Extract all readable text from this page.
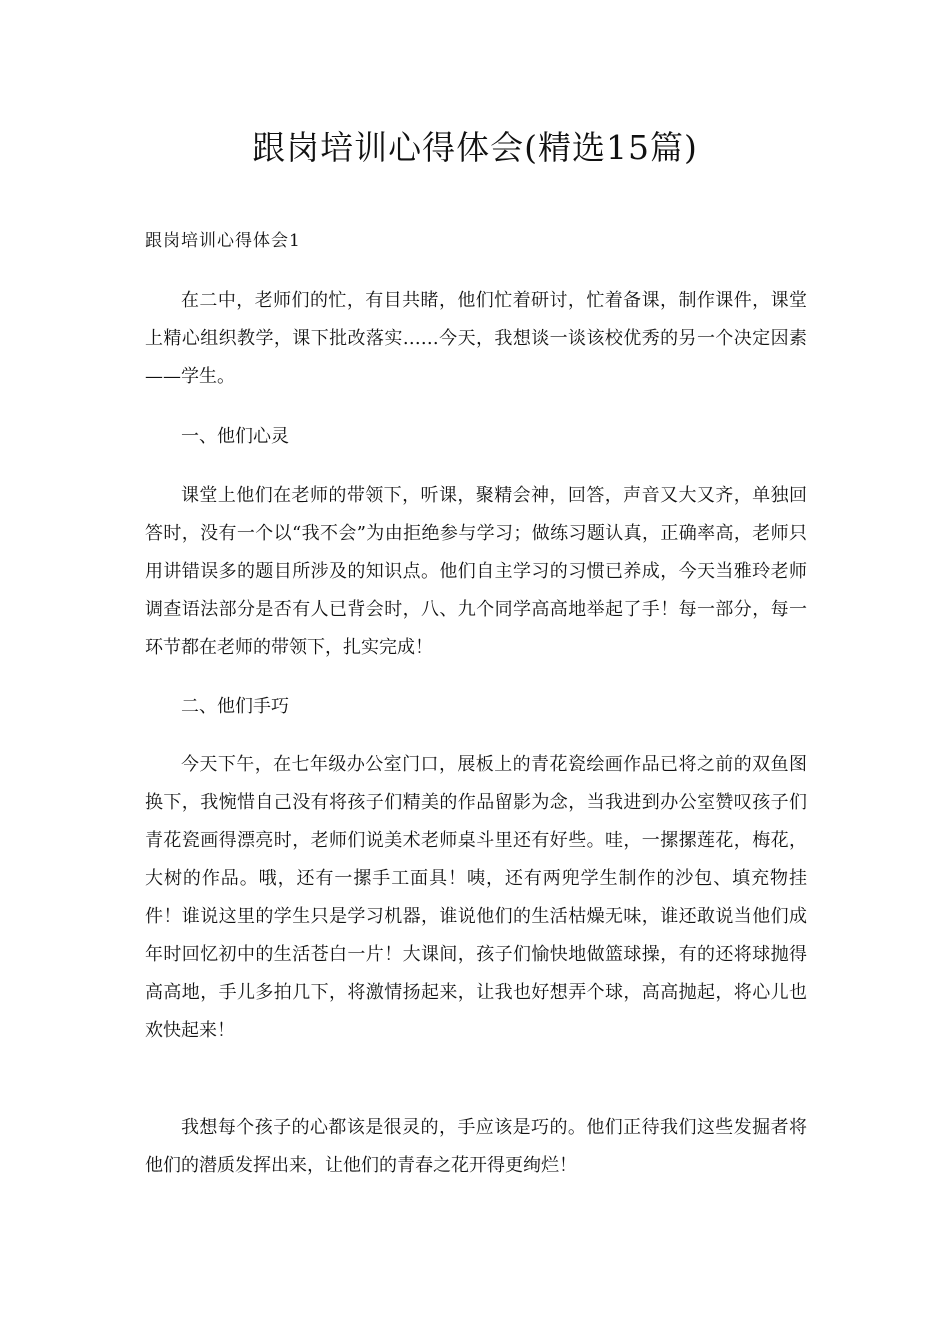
跟岗培训心得体会(精选15篇)

跟岗培训心得体会1

在二中，老师们的忙，有目共睹，他们忙着研讨，忙着备课，制作课件，课堂上精心组织教学，课下批改落实……今天，我想谈一谈该校优秀的另一个决定因素——学生。

一、他们心灵

课堂上他们在老师的带领下，听课，聚精会神，回答，声音又大又齐，单独回答时，没有一个以“我不会”为由拒绝参与学习；做练习题认真，正确率高，老师只用讲错误多的题目所涉及的知识点。他们自主学习的习惯已养成，今天当雅玲老师调查语法部分是否有人已背会时，八、九个同学高高地举起了手！每一部分，每一环节都在老师的带领下，扎实完成！

二、他们手巧

今天下午，在七年级办公室门口，展板上的青花瓷绘画作品已将之前的双鱼图换下，我惋惜自己没有将孩子们精美的作品留影为念，当我进到办公室赞叹孩子们青花瓷画得漂亮时，老师们说美术老师桌斗里还有好些。哇，一摞摞莲花，梅花，大树的作品。哦，还有一摞手工面具！咦，还有两兜学生制作的沙包、填充物挂件！谁说这里的学生只是学习机器，谁说他们的生活枯燥无味，谁还敢说当他们成年时回忆初中的生活苍白一片！大课间，孩子们愉快地做篮球操，有的还将球抛得高高地，手儿多拍几下，将激情扬起来，让我也好想弄个球，高高抛起，将心儿也欢快起来！

我想每个孩子的心都该是很灵的，手应该是巧的。他们正待我们这些发掘者将他们的潜质发挥出来，让他们的青春之花开得更绚烂！
